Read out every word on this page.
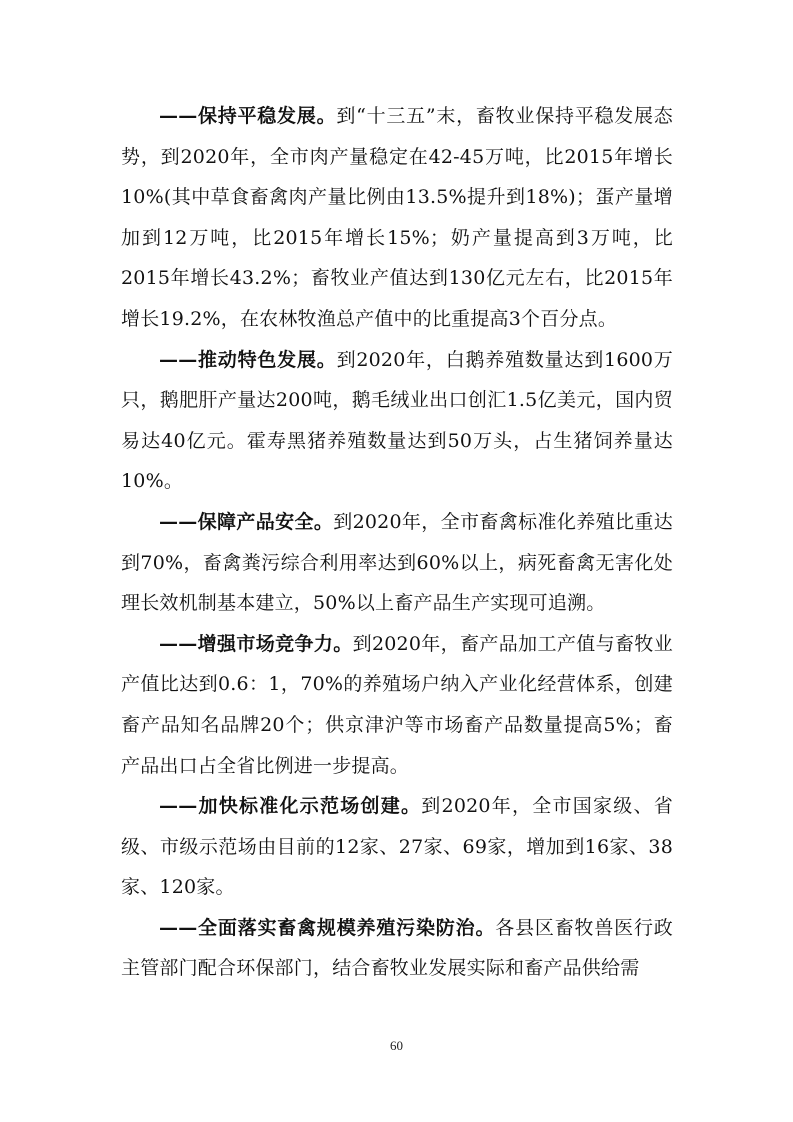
——保持平稳发展。到“十三五”末，畜牧业保持平稳发展态势，到2020年，全市肉产量稳定在42-45万吨，比2015年增长10%(其中草食畜禽肉产量比例由13.5%提升到18%)；蛋产量增加到12万吨，比2015年增长15%；奶产量提高到3万吨，比2015年增长43.2%；畜牧业产值达到130亿元左右，比2015年增长19.2%，在农林牧渔总产值中的比重提高3个百分点。

——推动特色发展。到2020年，白鹅养殖数量达到1600万只，鹅肥肝产量达200吨，鹅毛绒业出口创汇1.5亿美元，国内贸易达40亿元。霍寿黑猪养殖数量达到50万头，占生猪饲养量达10%。

——保障产品安全。到2020年，全市畜禽标准化养殖比重达到70%，畜禽粪污综合利用率达到60%以上，病死畜禽无害化处理长效机制基本建立，50%以上畜产品生产实现可追溯。

——增强市场竞争力。到2020年，畜产品加工产值与畜牧业产值比达到0.6：1，70%的养殖场户纳入产业化经营体系，创建畜产品知名品牌20个；供京津沪等市场畜产品数量提高5%；畜产品出口占全省比例进一步提高。

——加快标准化示范场创建。到2020年，全市国家级、省级、市级示范场由目前的12家、27家、69家，增加到16家、38家、120家。

——全面落实畜禽规模养殖污染防治。各县区畜牧兽医行政主管部门配合环保部门，结合畜牧业发展实际和畜产品供给需

60
